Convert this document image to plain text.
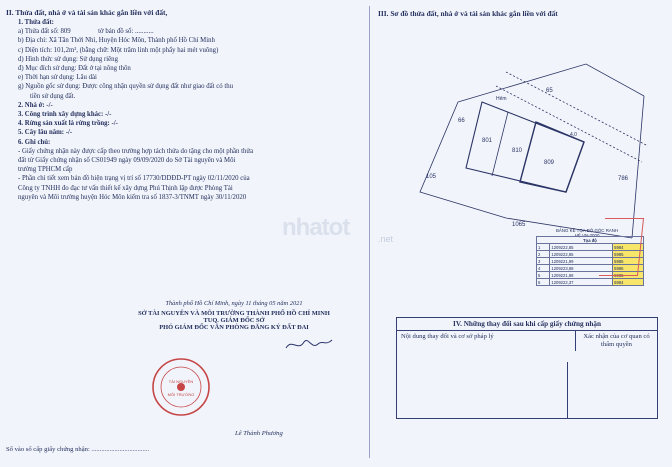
II. Thửa đất, nhà ở và tài sản khác gắn liền với đất,
1. Thửa đất:
a) Thửa đất số: 809	tờ bản đồ số: ...........
b) Địa chỉ: Xã Tân Thới Nhì, Huyện Hóc Môn, Thành phố Hồ Chí Minh
c) Diện tích: 101,2m², (bằng chữ: Một trăm linh một phẩy hai mét vuông)
d) Hình thức sử dụng: Sử dụng riêng
đ) Mục đích sử dụng: Đất ở tại nông thôn
e) Thời hạn sử dụng: Lâu dài
g) Nguồn gốc sử dụng: Được công nhận quyền sử dụng đất như giao đất có thu
tiền sử dụng đất.
2. Nhà ở: -/-
3. Công trình xây dựng khác: -/-
4. Rừng sản xuất là rừng trồng: -/-
5. Cây lâu năm: -/-
6. Ghi chú:
- Giấy chứng nhận này được cấp theo trường hợp tách thửa do tặng cho một phần thửa
đất từ Giấy chứng nhận số CS01949 ngày 09/09/2020 do Sở Tài nguyên và Môi
trường TPHCM cấp
- Phần chỉ tiết xem bản đồ hiện trạng vị trí số 17730/DDĐD-PT ngày 02/11/2020 của
Công ty TNHH đo đạc tư vấn thiết kế xây dựng Phú Thịnh lập được Phòng Tài
nguyên và Môi trường huyện Hóc Môn kiểm tra số 1837-3/TNMT ngày 30/11/2020
III. Sơ đồ thửa đất, nhà ở và tài sản khác gắn liền với đất
66
65
801
810
809
786
105
1065
Hẻm
4,0
nhatot	.net
BẢNG KÊ TỌA ĐỘ GÓC RANH
HỆ VN-2000
Tọa độ		
1	1209222,85	5984
2	1209222,85	5985
3	1209221,99	5985
4	1209223,88	5986
5	1209221,88	5985
6	1209222,37	5984
IV. Những thay đổi sau khi cấp giấy chứng nhận
Nội dung thay đổi và cơ sở pháp lý	Xác nhận của cơ quan có thẩm quyền
Thành phố Hồ Chí Minh, ngày 11 tháng 05 năm 2021
SỞ TÀI NGUYÊN VÀ MÔI TRƯỜNG THÀNH PHỐ HỒ CHÍ MINH
TUQ. GIÁM ĐỐC SỞ
PHÓ GIÁM ĐỐC VĂN PHÒNG ĐĂNG KÝ ĐẤT ĐAI
TÀI NGUYÊN
MÔI TRƯỜNG
Lê Thành Phương
Số vào sổ cấp giấy chứng nhận: ...................................
